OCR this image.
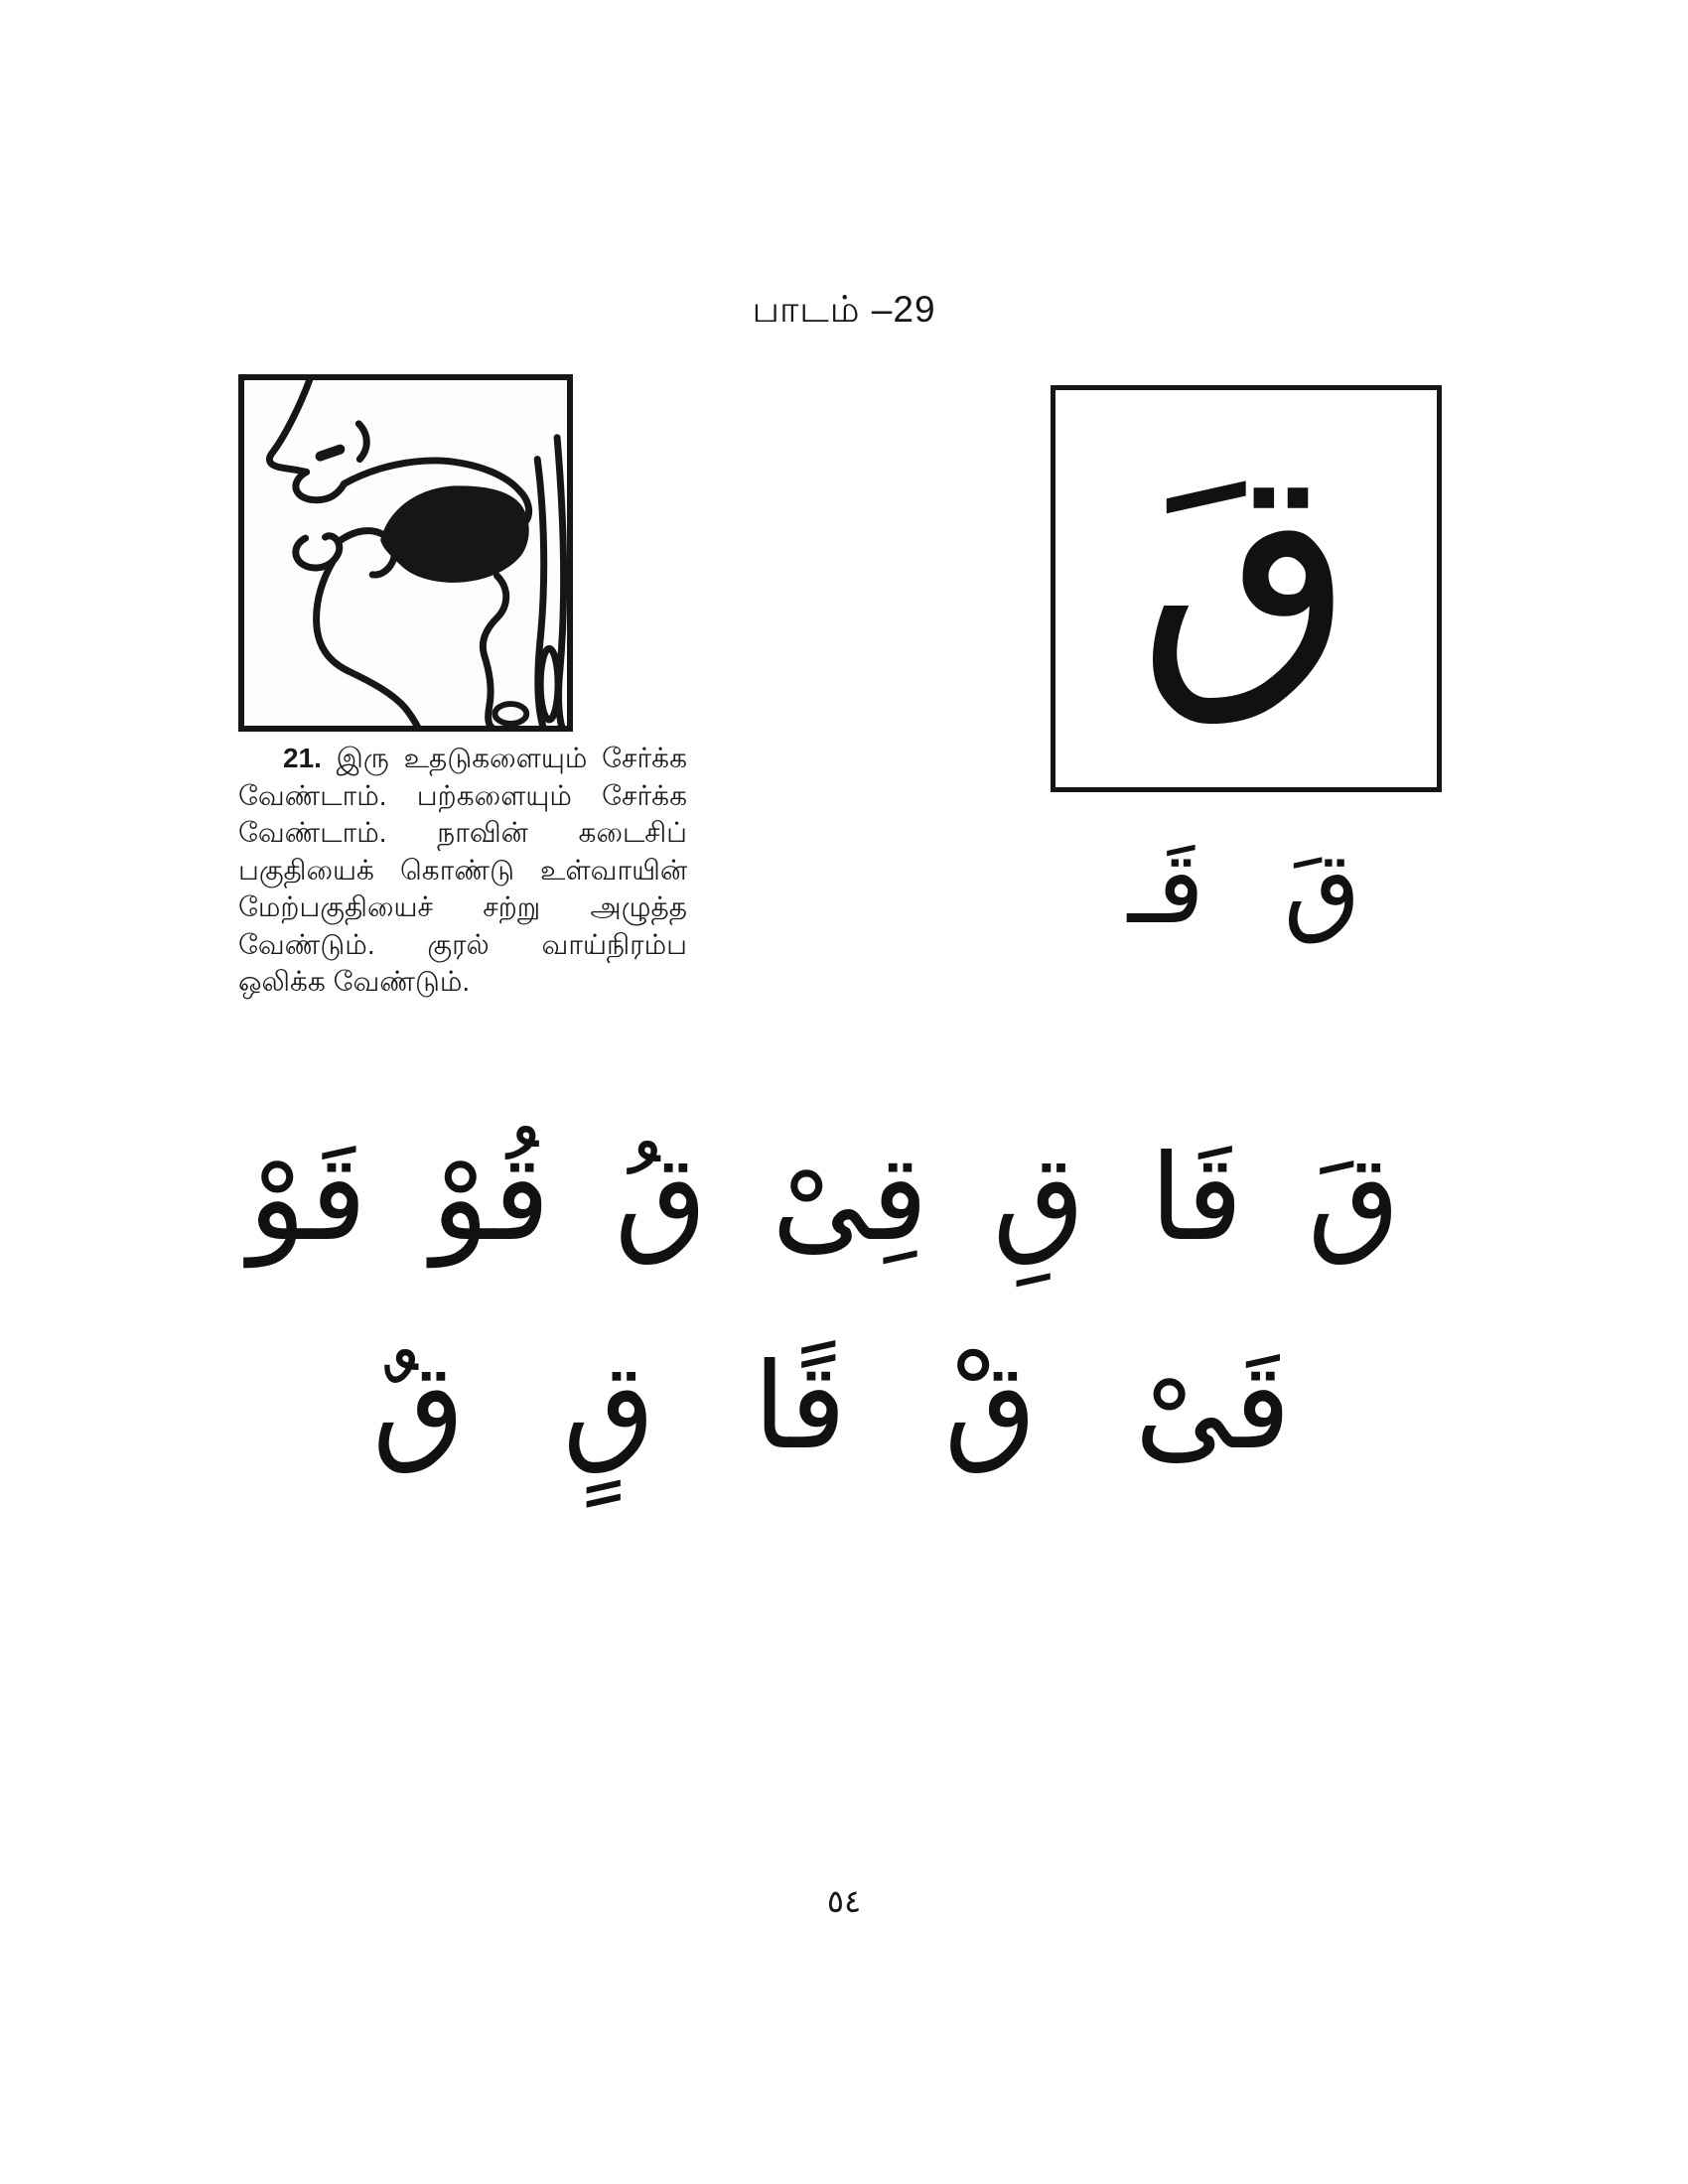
பாடம் –29
21. இரு உதடுகளையும் சேர்க்க வேண்டாம். பற்களையும் சேர்க்க வேண்டாம். நாவின் கடைசிப் பகுதியைக் கொண்டு உள்வாயின் மேற்பகுதியைச் சற்று அழுத்த வேண்டும். குரல் வாய்நிரம்ப ஒலிக்க வேண்டும்.
قَ
قَ
قَـ
قَ
قَا
قِ
قِىْ
قُ
قُوْ
قَوْ
قَىْ
قْ
قًا
قٍ
قٌ
٥٤
